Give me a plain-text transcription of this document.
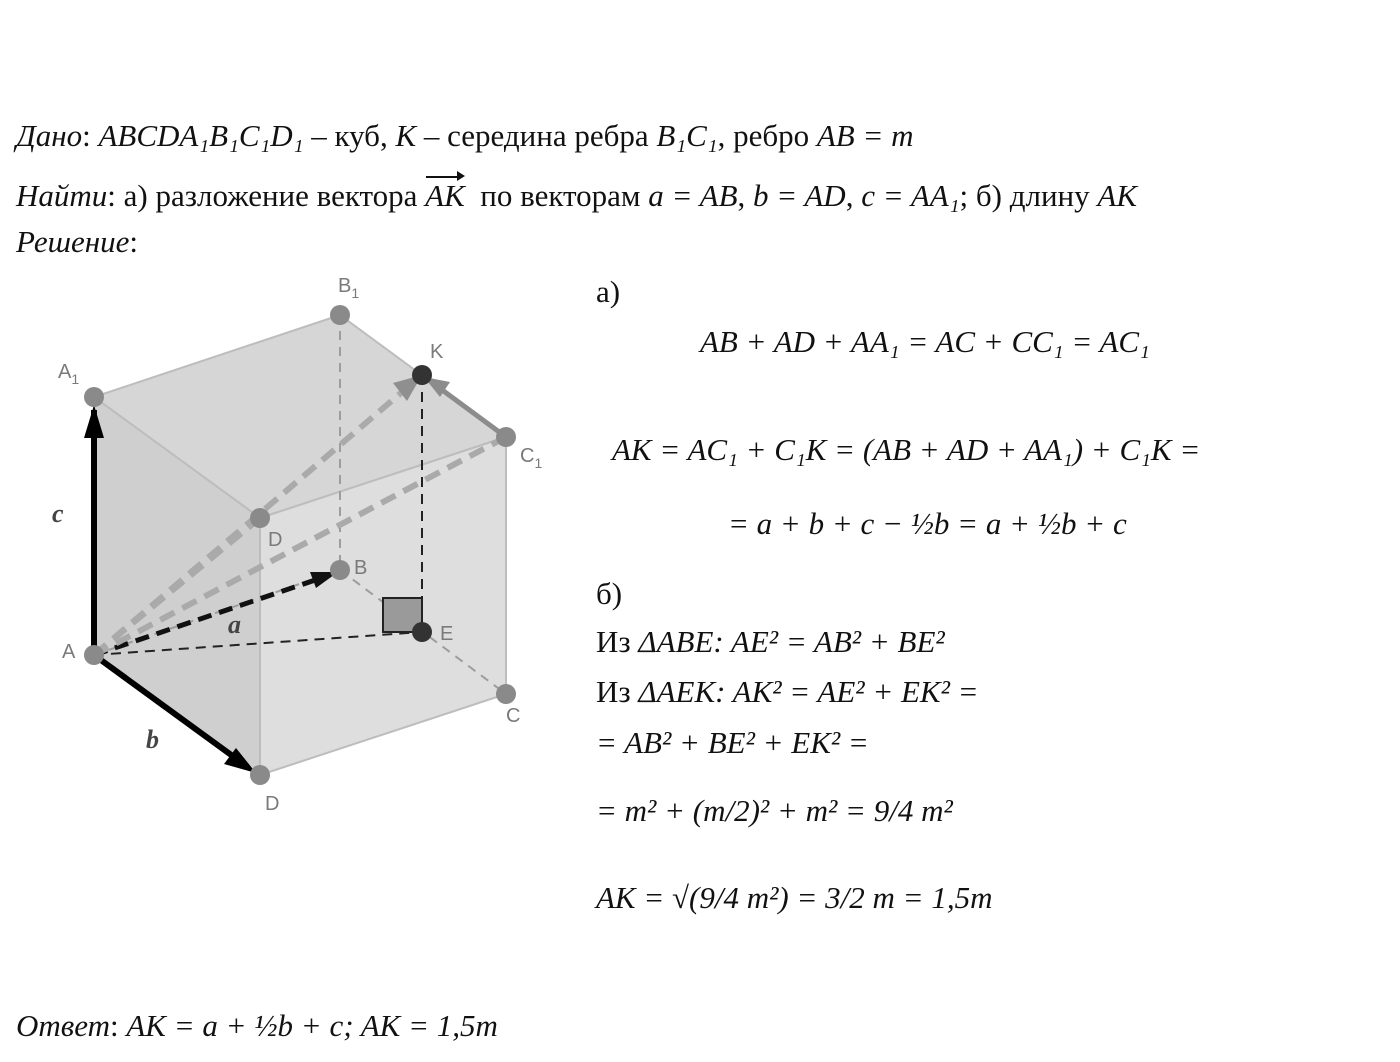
Дано: ABCDA₁B₁C₁D₁ – куб, K – середина ребра B₁C₁, ребро AB = m
Найти: а) разложение вектора AK по векторам a = AB, b = AD, c = AA₁; б) длину AK
Решение:
A
B
C
D
$A_1$
$B_1$
$C_1$
D
K
E
a
b
c
а)
AB + AD + AA₁ = AC + CC₁ = AC₁
AK = AC₁ + C₁K = (AB + AD + AA₁) + C₁K =
= a + b + c − ½b = a + ½b + c
б)
Из ΔABE: AE² = AB² + BE²
Из ΔAEK: AK² = AE² + EK² =
= AB² + BE² + EK² =
= m² + (m/2)² + m² = 9/4 m²
AK = √(9/4 m²) = 3/2 m = 1,5m
Ответ: AK = a + ½b + c; AK = 1,5m
